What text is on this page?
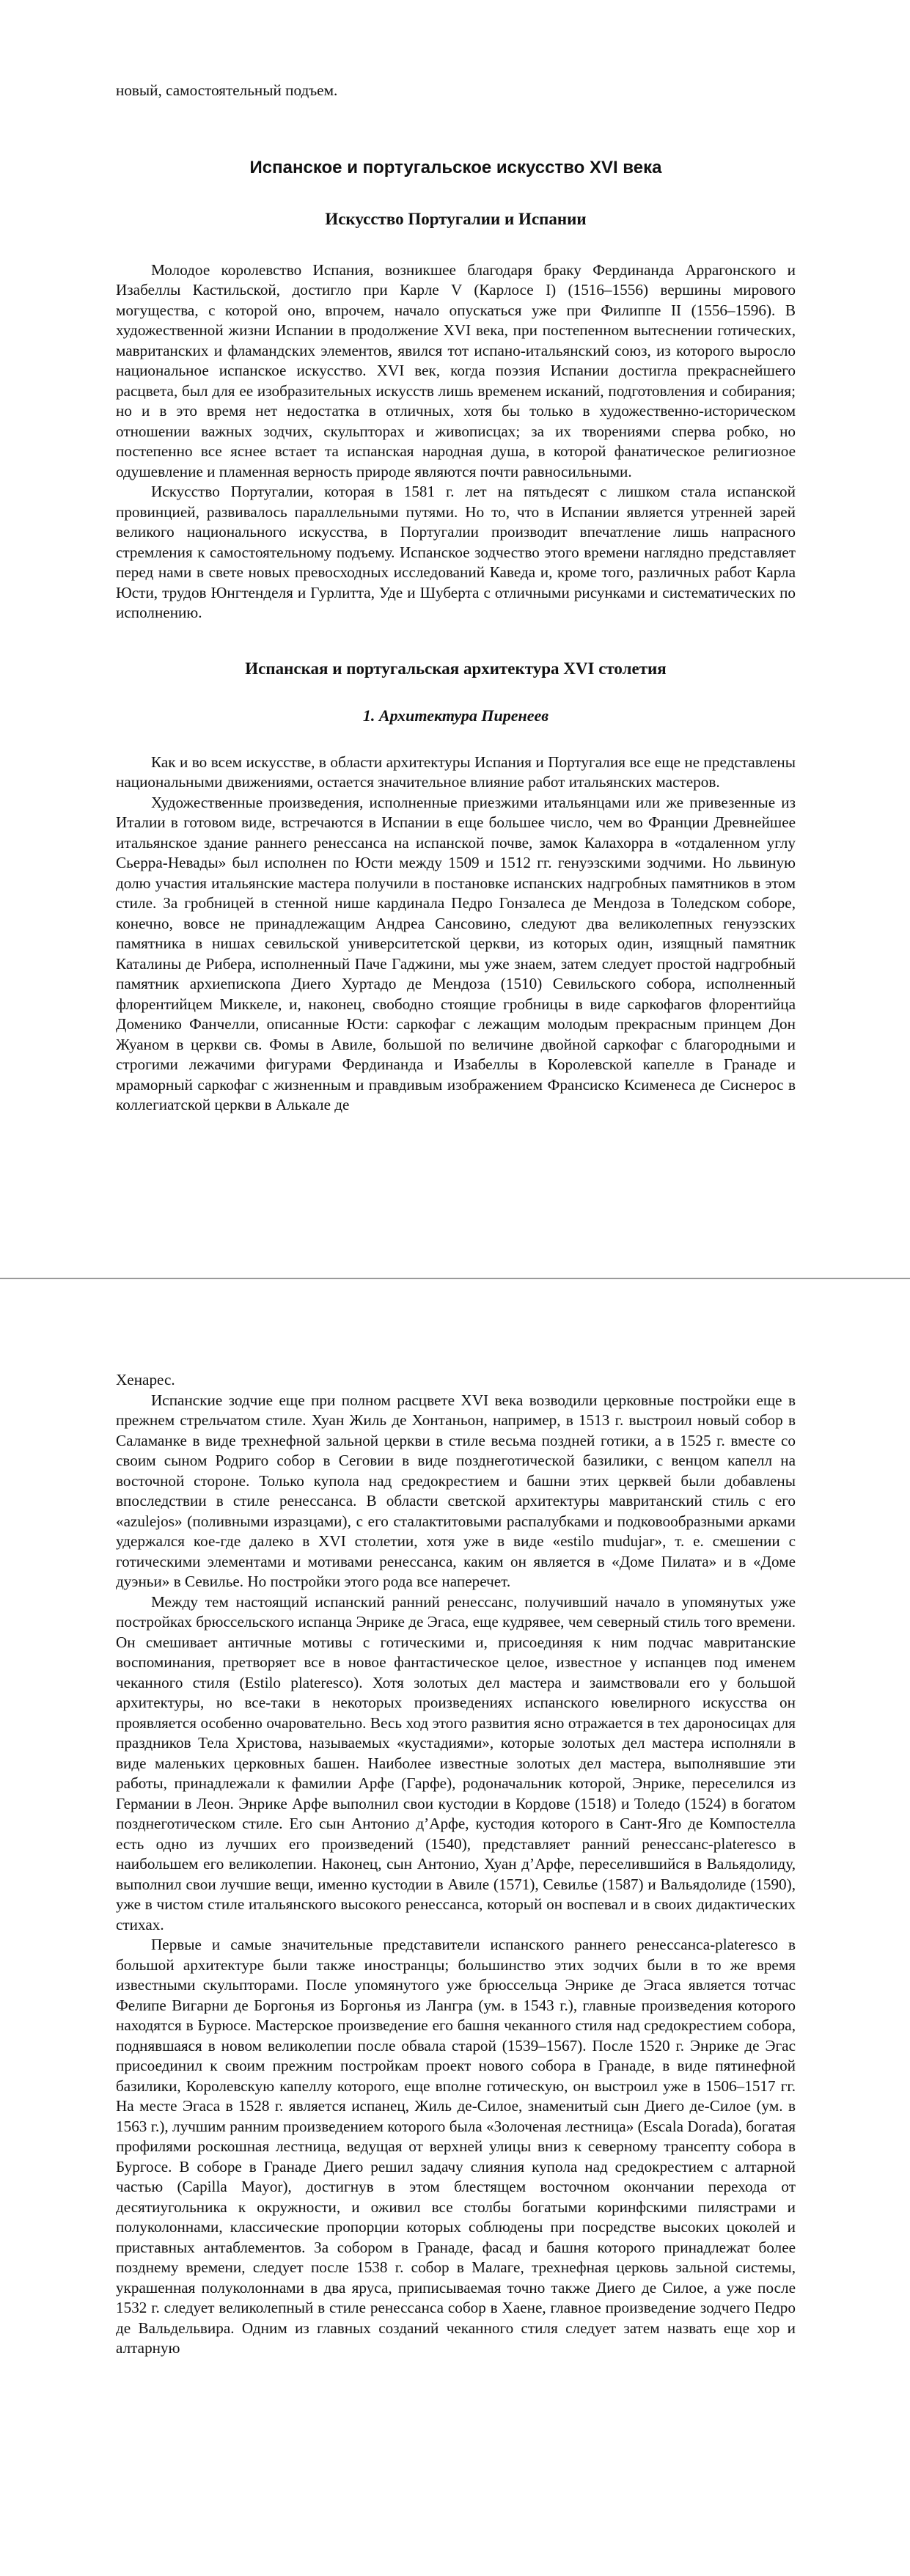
новый, самостоятельный подъем.

Испанское и португальское искусство XVI века
Искусство Португалии и Испании

Молодое королевство Испания, возникшее благодаря браку Фердинанда Аррагонского и Изабеллы Кастильской, достигло при Карле V (Карлосе I) (1516–1556) вершины мирового могущества, с которой оно, впрочем, начало опускаться уже при Филиппе II (1556–1596). В художественной жизни Испании в продолжение XVI века, при постепенном вытеснении готических, мавританских и фламандских элементов, явился тот испано-итальянский союз, из которого выросло национальное испанское искусство. XVI век, когда поэзия Испании достигла прекраснейшего расцвета, был для ее изобразительных искусств лишь временем исканий, подготовления и собирания; но и в это время нет недостатка в отличных, хотя бы только в художественно-историческом отношении важных зодчих, скульпторах и живописцах; за их творениями сперва робко, но постепенно все яснее встает та испанская народная душа, в которой фанатическое религиозное одушевление и пламенная верность природе являются почти равносильными.

Искусство Португалии, которая в 1581 г. лет на пятьдесят с лишком стала испанской провинцией, развивалось параллельными путями. Но то, что в Испании является утренней зарей великого национального искусства, в Португалии производит впечатление лишь напрасного стремления к самостоятельному подъему. Испанское зодчество этого времени наглядно представляет перед нами в свете новых превосходных исследований Каведа и, кроме того, различных работ Карла Юсти, трудов Юнгтенделя и Гурлитта, Уде и Шуберта с отличными рисунками и систематических по исполнению.

Испанская и португальская архитектура XVI столетия
1. Архитектура Пиренеев

Как и во всем искусстве, в области архитектуры Испания и Португалия все еще не представлены национальными движениями, остается значительное влияние работ итальянских мастеров.

Художественные произведения, исполненные приезжими итальянцами или же привезенные из Италии в готовом виде, встречаются в Испании в еще большее число, чем во Франции Древнейшее итальянское здание раннего ренессанса на испанской почве, замок Калахорра в «отдаленном углу Сьерра-Невады» был исполнен по Юсти между 1509 и 1512 гг. генуэзскими зодчими. Но львиную долю участия итальянские мастера получили в постановке испанских надгробных памятников в этом стиле. За гробницей в стенной нише кардинала Педро Гонзалеса де Мендоза в Толедском соборе, конечно, вовсе не принадлежащим Андреа Сансовино, следуют два великолепных генуэзских памятника в нишах севильской университетской церкви, из которых один, изящный памятник Каталины де Рибера, исполненный Паче Гаджини, мы уже знаем, затем следует простой надгробный памятник архиепископа Диего Хуртадо де Мендоза (1510) Севильского собора, исполненный флорентийцем Миккеле, и, наконец, свободно стоящие гробницы в виде саркофагов флорентийца Доменико Фанчелли, описанные Юсти: саркофаг с лежащим молодым прекрасным принцем Дон Жуаном в церкви св. Фомы в Авиле, большой по величине двойной саркофаг с благородными и строгими лежачими фигурами Фердинанда и Изабеллы в Королевской капелле в Гранаде и мраморный саркофаг с жизненным и правдивым изображением Франсиско Ксименеса де Сиснерос в коллегиатской церкви в Алькале де

Хенарес.

Испанские зодчие еще при полном расцвете XVI века возводили церковные постройки еще в прежнем стрельчатом стиле. Хуан Жиль де Хонтаньон, например, в 1513 г. выстроил новый собор в Саламанке в виде трехнефной зальной церкви в стиле весьма поздней готики, а в 1525 г. вместе со своим сыном Родриго собор в Сеговии в виде позднеготической базилики, с венцом капелл на восточной стороне. Только купола над средокрестием и башни этих церквей были добавлены впоследствии в стиле ренессанса. В области светской архитектуры мавританский стиль с его «azulejos» (поливными изразцами), с его сталактитовыми распалубками и подковообразными арками удержался кое-где далеко в XVI столетии, хотя уже в виде «estilo mudujar», т. е. смешении с готическими элементами и мотивами ренессанса, каким он является в «Доме Пилата» и в «Доме дуэньи» в Севилье. Но постройки этого рода все наперечет.

Между тем настоящий испанский ранний ренессанс, получивший начало в упомянутых уже постройках брюссельского испанца Энрике де Эгаса, еще кудрявее, чем северный стиль того времени. Он смешивает античные мотивы с готическими и, присоединяя к ним подчас мавританские воспоминания, претворяет все в новое фантастическое целое, известное у испанцев под именем чеканного стиля (Estilo plateresco). Хотя золотых дел мастера и заимствовали его у большой архитектуры, но все-таки в некоторых произведениях испанского ювелирного искусства он проявляется особенно очаровательно. Весь ход этого развития ясно отражается в тех дароносицах для праздников Тела Христова, называемых «кустадиями», которые золотых дел мастера исполняли в виде маленьких церковных башен. Наиболее известные золотых дел мастера, выполнявшие эти работы, принадлежали к фамилии Арфе (Гарфе), родоначальник которой, Энрике, переселился из Германии в Леон. Энрике Арфе выполнил свои кустодии в Кордове (1518) и Толедо (1524) в богатом позднеготическом стиле. Его сын Антонио д’Арфе, кустодия которого в Сант-Яго де Компостелла есть одно из лучших его произведений (1540), представляет ранний ренессанс-plateresco в наибольшем его великолепии. Наконец, сын Антонио, Хуан д’Арфе, переселившийся в Вальядолиду, выполнил свои лучшие вещи, именно кустодии в Авиле (1571), Севилье (1587) и Вальядолиде (1590), уже в чистом стиле итальянского высокого ренессанса, который он воспевал и в своих дидактических стихах.

Первые и самые значительные представители испанского раннего ренессанса-plateresco в большой архитектуре были также иностранцы; большинство этих зодчих были в то же время известными скульпторами. После упомянутого уже брюссельца Энрике де Эгаса является тотчас Фелипе Вигарни де Боргонья из Боргонья из Лангра (ум. в 1543 г.), главные произведения которого находятся в Бурюсе. Мастерское произведение его башня чеканного стиля над средокрестием собора, поднявшаяся в новом великолепии после обвала старой (1539–1567). После 1520 г. Энрике де Эгас присоединил к своим прежним постройкам проект нового собора в Гранаде, в виде пятинефной базилики, Королевскую капеллу которого, еще вполне готическую, он выстроил уже в 1506–1517 гг. На месте Эгаса в 1528 г. является испанец, Жиль де-Силое, знаменитый сын Диего де-Силое (ум. в 1563 г.), лучшим ранним произведением которого была «Золоченая лестница» (Escala Dorada), богатая профилями роскошная лестница, ведущая от верхней улицы вниз к северному трансепту собора в Бургосе. В соборе в Гранаде Диего решил задачу слияния купола над средокрестием с алтарной частью (Capilla Mayor), достигнув в этом блестящем восточном окончании перехода от десятиугольника к окружности, и оживил все столбы богатыми коринфскими пилястрами и полуколоннами, классические пропорции которых соблюдены при посредстве высоких цоколей и приставных антаблементов. За собором в Гранаде, фасад и башня которого принадлежат более позднему времени, следует после 1538 г. собор в Малаге, трехнефная церковь зальной системы, украшенная полуколоннами в два яруса, приписываемая точно также Диего де Силое, а уже после 1532 г. следует великолепный в стиле ренессанса собор в Хаене, главное произведение зодчего Педро де Вальдельвира. Одним из главных созданий чеканного стиля следует затем назвать еще хор и алтарную
